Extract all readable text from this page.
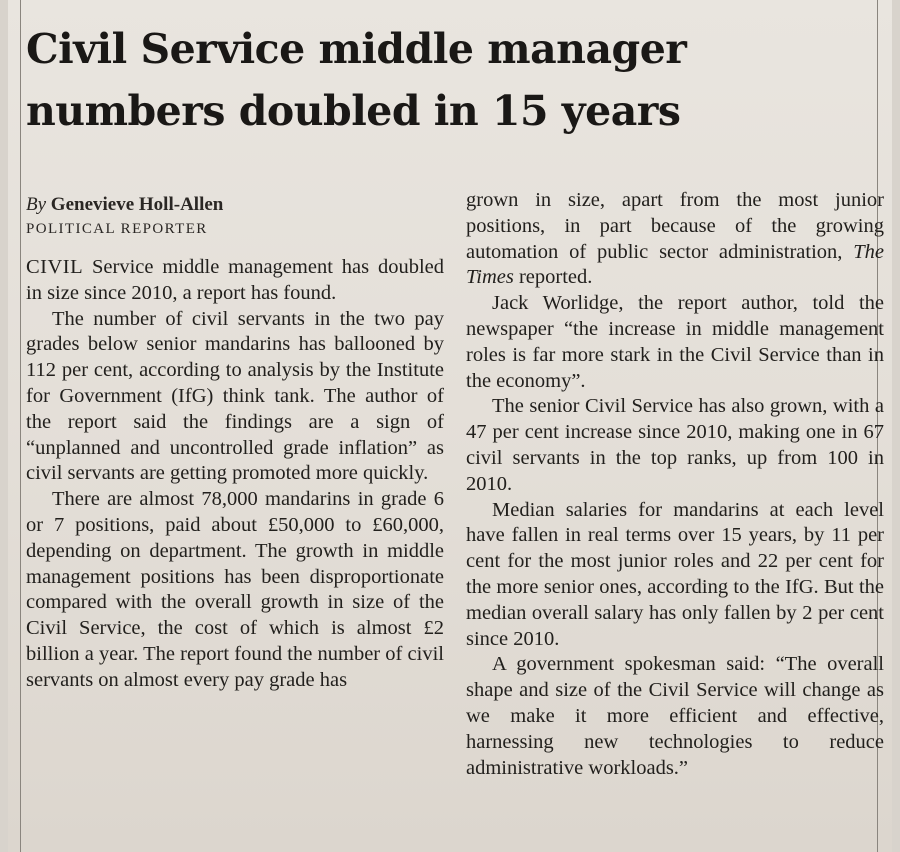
Civil Service middle manager numbers doubled in 15 years

By Genevieve Holl-Allen

POLITICAL REPORTER

CIVIL Service middle management has doubled in size since 2010, a report has found.

The number of civil servants in the two pay grades below senior mandarins has ballooned by 112 per cent, according to analysis by the Institute for Government (IfG) think tank. The author of the report said the findings are a sign of “unplanned and uncontrolled grade inflation” as civil servants are getting promoted more quickly.

There are almost 78,000 mandarins in grade 6 or 7 positions, paid about £50,000 to £60,000, depending on department. The growth in middle management positions has been disproportionate compared with the overall growth in size of the Civil Service, the cost of which is almost £2 billion a year. The report found the number of civil servants on almost every pay grade has

grown in size, apart from the most junior positions, in part because of the growing automation of public sector administration, The Times reported.

Jack Worlidge, the report author, told the newspaper “the increase in middle management roles is far more stark in the Civil Service than in the economy”.

The senior Civil Service has also grown, with a 47 per cent increase since 2010, making one in 67 civil servants in the top ranks, up from 100 in 2010.

Median salaries for mandarins at each level have fallen in real terms over 15 years, by 11 per cent for the most junior roles and 22 per cent for the more senior ones, according to the IfG. But the median overall salary has only fallen by 2 per cent since 2010.

A government spokesman said: “The overall shape and size of the Civil Service will change as we make it more efficient and effective, harnessing new technologies to reduce administrative workloads.”
